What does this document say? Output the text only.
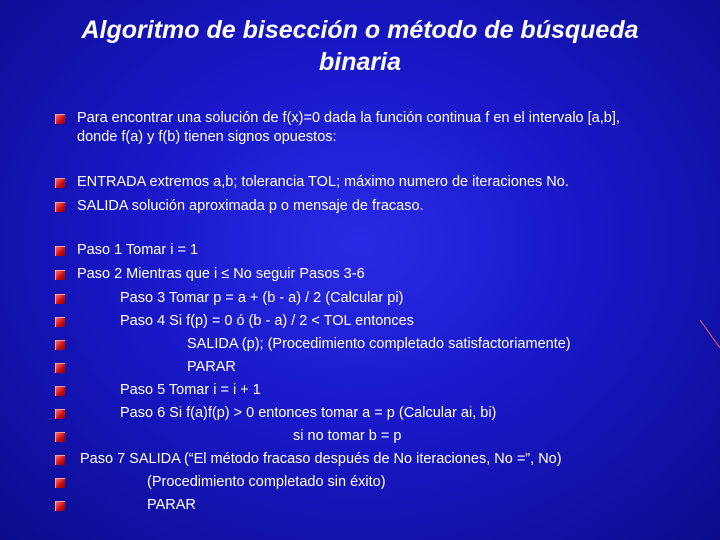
Algoritmo de bisección o método de búsqueda
binaria
Para encontrar una solución de f(x)=0 dada la función continua f en el intervalo [a,b],
donde f(a) y f(b) tienen signos opuestos:
ENTRADA extremos a,b; tolerancia TOL; máximo numero de iteraciones No.
SALIDA solución aproximada p o mensaje de fracaso.
Paso 1 Tomar i = 1
Paso 2 Mientras que i ≤ No seguir Pasos 3-6
Paso 3 Tomar p = a + (b - a) / 2 (Calcular pi)
Paso 4 Si f(p) = 0 ó (b - a) / 2 < TOL entonces
SALIDA (p); (Procedimiento completado satisfactoriamente)
PARAR
Paso 5 Tomar i = i + 1
Paso 6 Si f(a)f(p) > 0 entonces tomar a = p (Calcular ai, bi)
si no tomar b = p
Paso 7 SALIDA (“El método fracaso después de No iteraciones, No =”, No)
(Procedimiento completado sin éxito)
PARAR
